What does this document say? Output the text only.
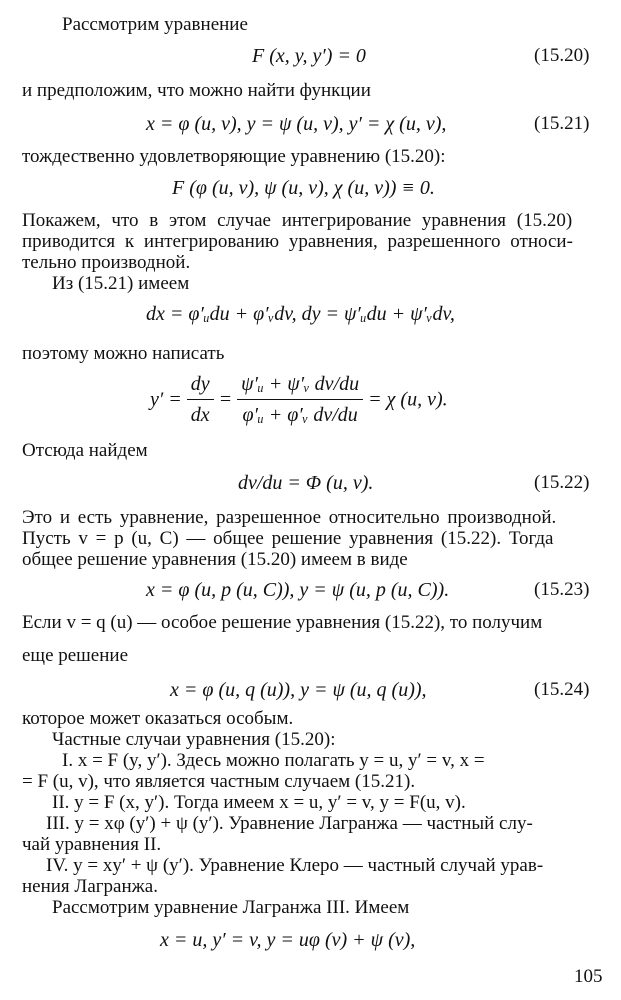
Рассмотрим уравнение
F (x, y, y′) = 0	(15.20)
и предположим, что можно найти функции
x = φ (u, v), y = ψ (u, v), y′ = χ (u, v),	(15.21)
тождественно удовлетворяющие уравнению (15.20):
F (φ (u, v), ψ (u, v), χ (u, v)) ≡ 0.
Покажем, что в этом случае интегрирование уравнения (15.20)
приводится к интегрированию уравнения, разрешенного относи-
тельно производной.
Из (15.21) имеем
dx = φ′ᵤdu + φ′ᵥdv, dy = ψ′ᵤdu + ψ′ᵥdv,
поэтому можно написать
$y' = \frac{dy}{dx} = \frac{\text{ψ′ᵤ + ψ′ᵥ dv/du}}{\text{φ′ᵤ + φ′ᵥ dv/du}} = \chi$ (u, v).
Отсюда найдем
dv/du = Φ (u, v).	(15.22)
Это и есть уравнение, разрешенное относительно производной.
Пусть v = p (u, C) — общее решение уравнения (15.22). Тогда
общее решение уравнения (15.20) имеем в виде
x = φ (u, p (u, C)), y = ψ (u, p (u, C)).	(15.23)
Если v = q (u) — особое решение уравнения (15.22), то получим
еще решение
x = φ (u, q (u)), y = ψ (u, q (u)),	(15.24)
которое может оказаться особым.
Частные случаи уравнения (15.20):
I. x = F (y, y′). Здесь можно полагать y = u, y′ = v, x =
= F (u, v), что является частным случаем (15.21).
II. y = F (x, y′). Тогда имеем x = u, y′ = v, y = F(u, v).
III. y = xφ (y′) + ψ (y′). Уравнение Лагранжа — частный слу-
чай уравнения II.
IV. y = xy′ + ψ (y′). Уравнение Клеро — частный случай урав-
нения Лагранжа.
Рассмотрим уравнение Лагранжа III. Имеем
x = u, y′ = v, y = uφ (v) + ψ (v),
105
